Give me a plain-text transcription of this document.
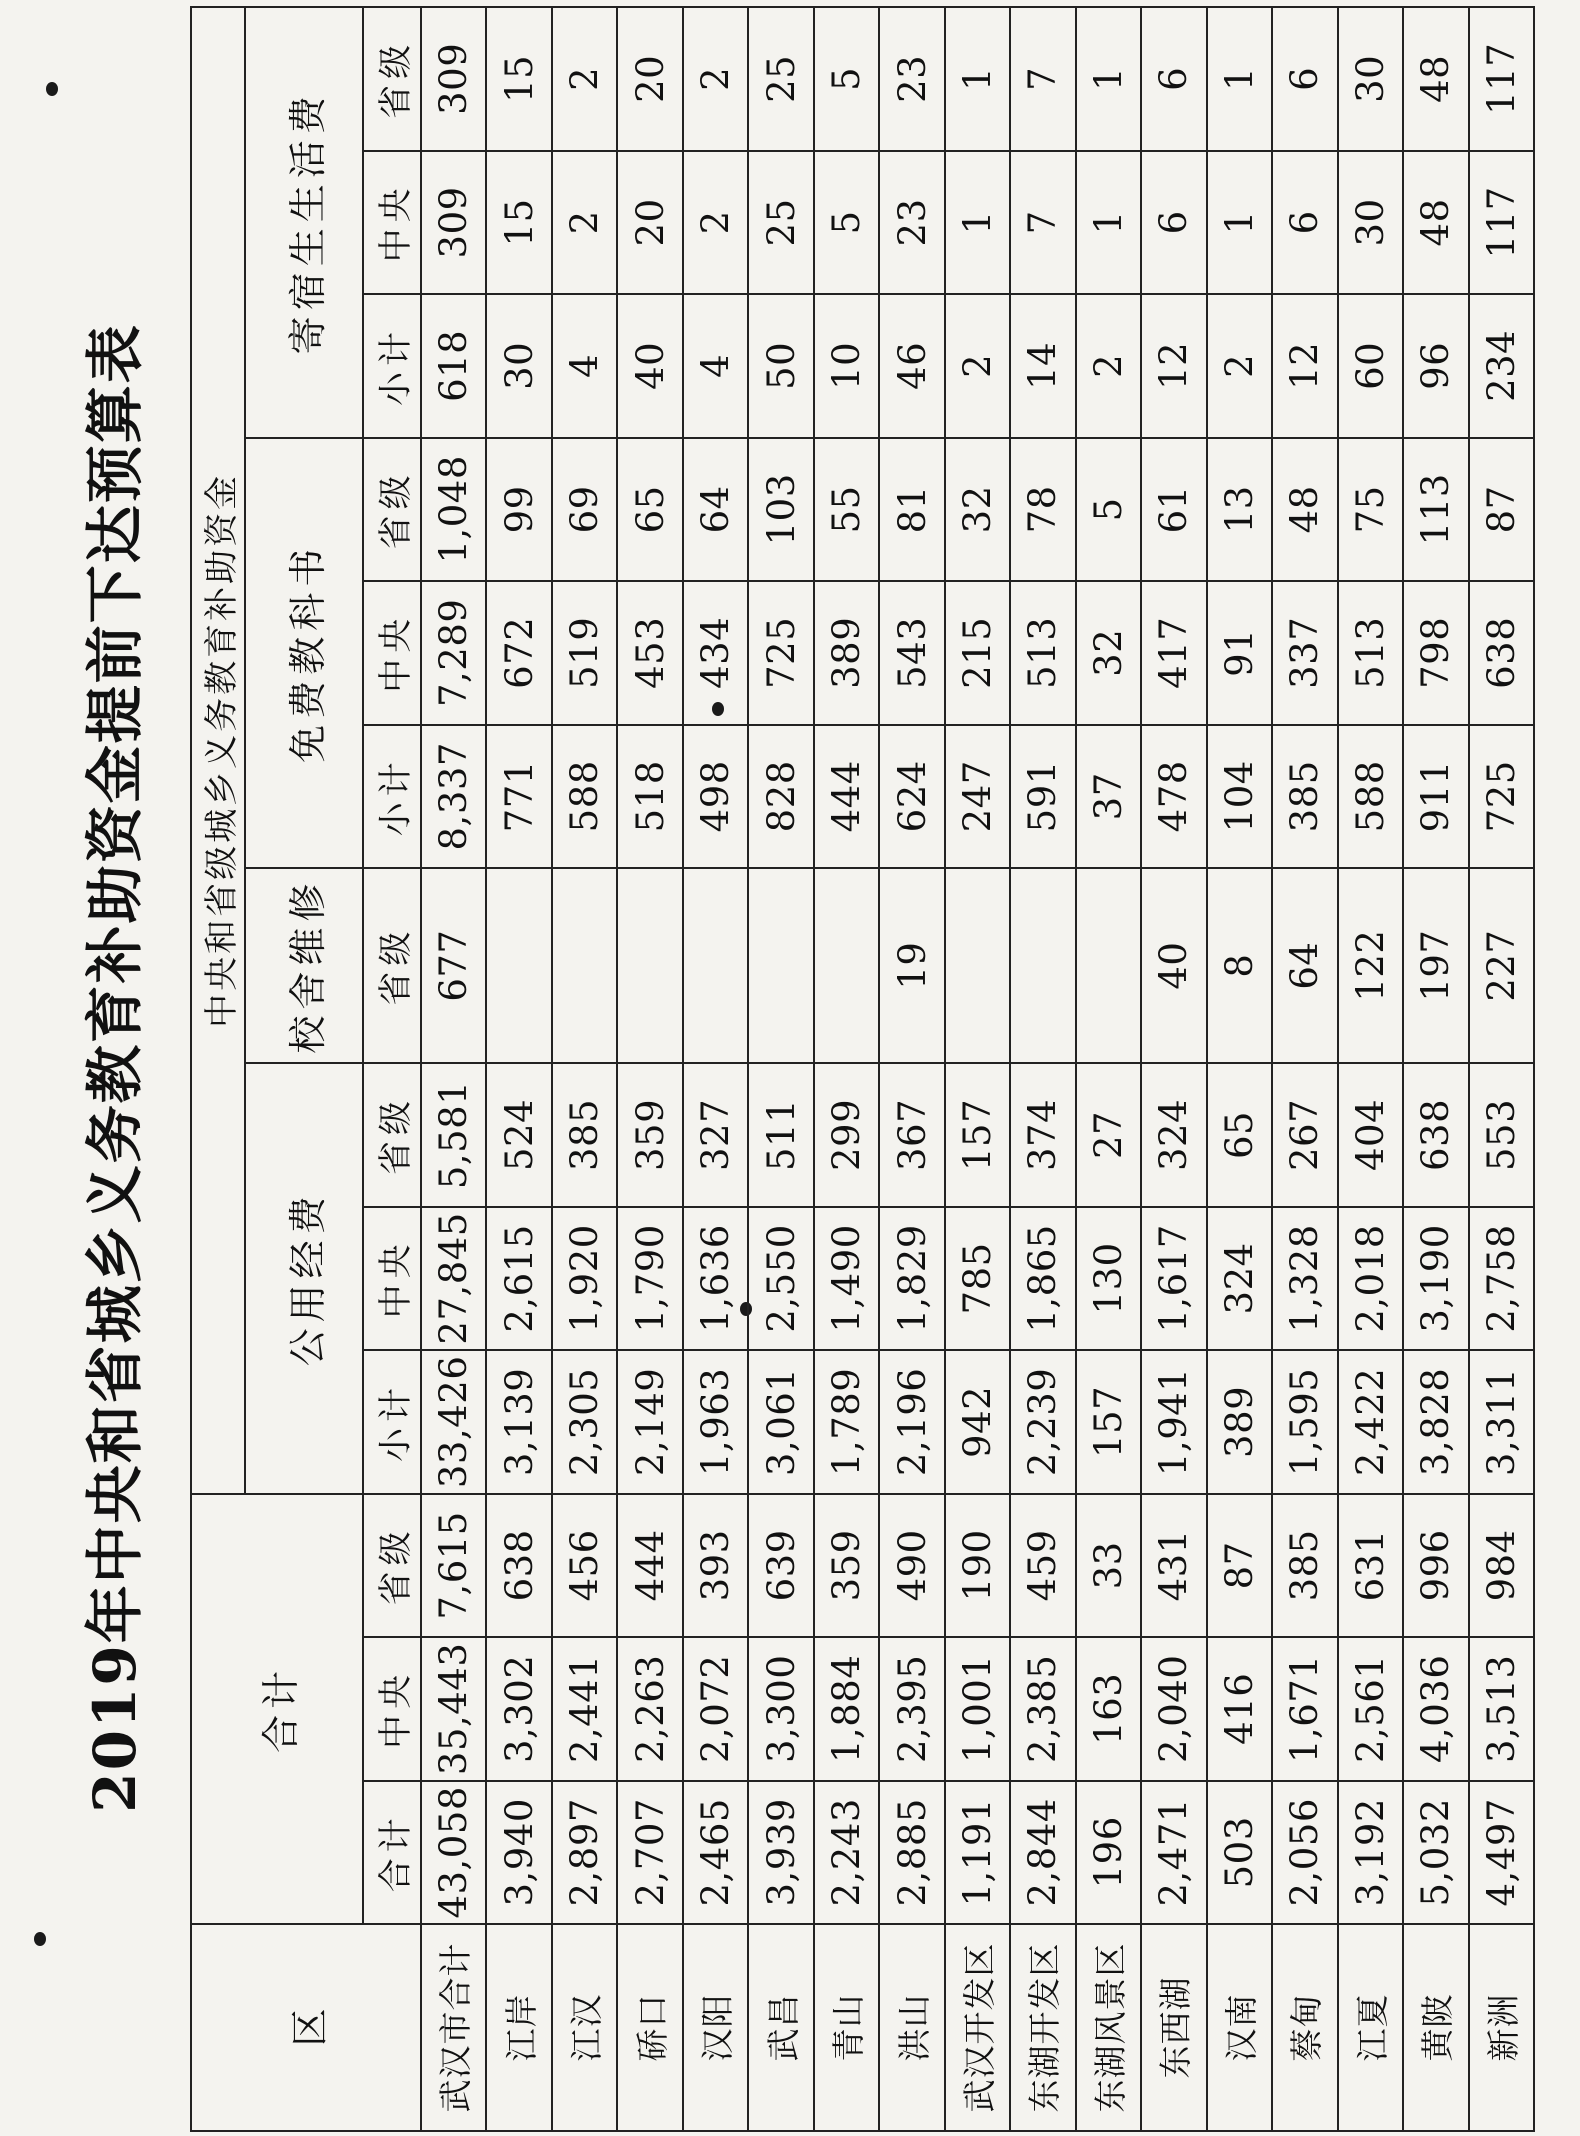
2019年中央和省城乡义务教育补助资金提前下达预算表
区	合计			中央和省级城乡义务教育补助资金									
				公用经费			校舍维修	免费教科书			寄宿生生活费		
	合计	中央	省级	小计	中央	省级	省级	小计	中央	省级	小计	中央	省级
武汉市合计	43,058	35,443	7,615	33,426	27,845	5,581	677	8,337	7,289	1,048	618	309	309
江岸	3,940	3,302	638	3,139	2,615	524		771	672	99	30	15	15
江汉	2,897	2,441	456	2,305	1,920	385		588	519	69	4	2	2
硚口	2,707	2,263	444	2,149	1,790	359		518	453	65	40	20	20
汉阳	2,465	2,072	393	1,963	1,636	327		498	434	64	4	2	2
武昌	3,939	3,300	639	3,061	2,550	511		828	725	103	50	25	25
青山	2,243	1,884	359	1,789	1,490	299		444	389	55	10	5	5
洪山	2,885	2,395	490	2,196	1,829	367	19	624	543	81	46	23	23
武汉开发区	1,191	1,001	190	942	785	157		247	215	32	2	1	1
东湖开发区	2,844	2,385	459	2,239	1,865	374		591	513	78	14	7	7
东湖风景区	196	163	33	157	130	27		37	32	5	2	1	1
东西湖	2,471	2,040	431	1,941	1,617	324	40	478	417	61	12	6	6
汉南	503	416	87	389	324	65	8	104	91	13	2	1	1
蔡甸	2,056	1,671	385	1,595	1,328	267	64	385	337	48	12	6	6
江夏	3,192	2,561	631	2,422	2,018	404	122	588	513	75	60	30	30
黄陂	5,032	4,036	996	3,828	3,190	638	197	911	798	113	96	48	48
新洲	4,497	3,513	984	3,311	2,758	553	227	725	638	87	234	117	117
